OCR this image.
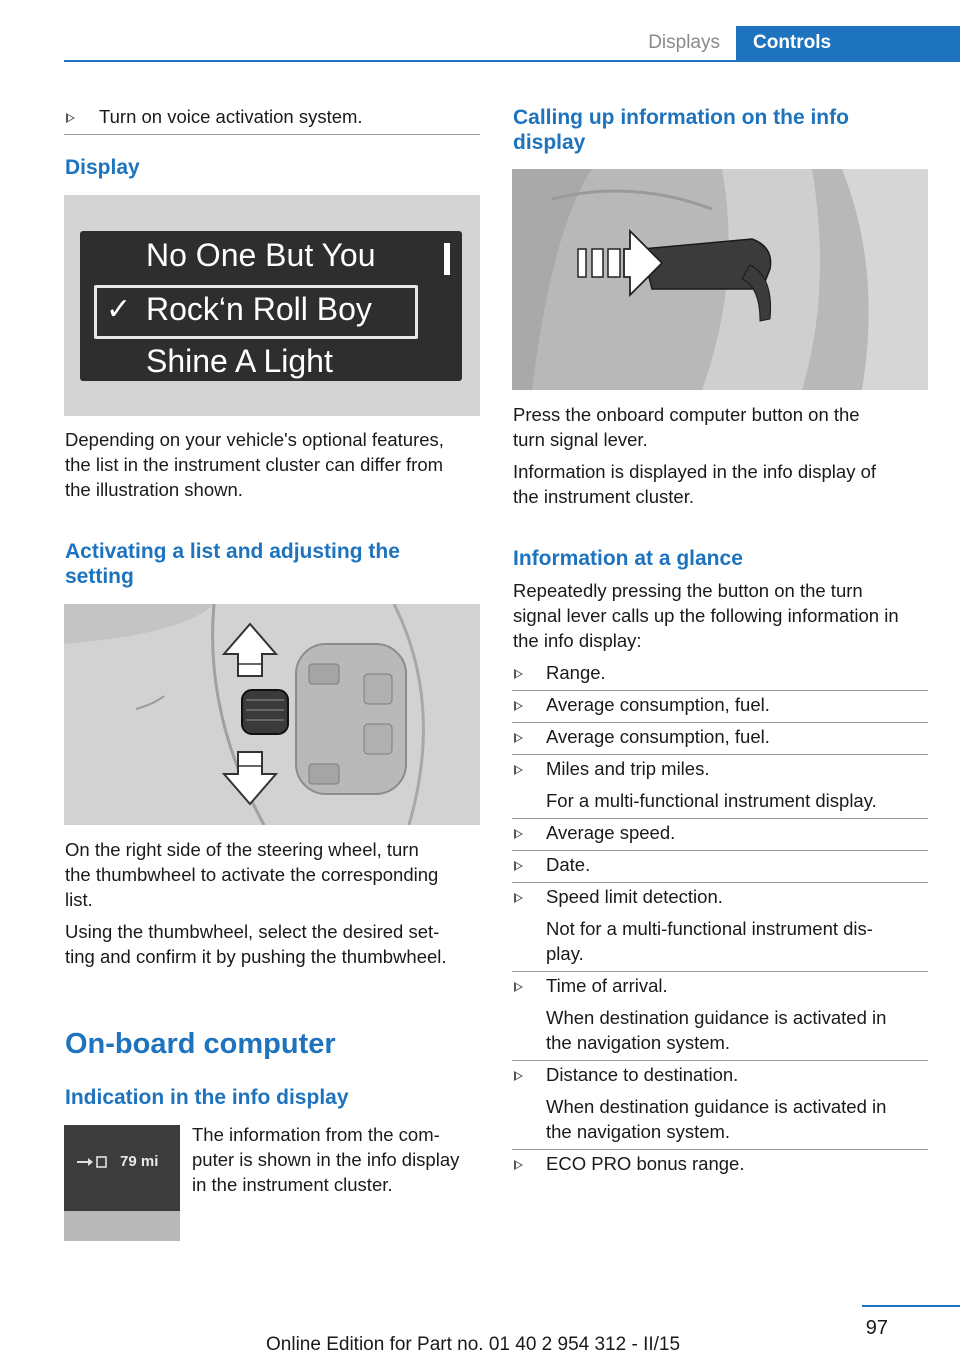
Displays	Controls
Turn on voice activation system.
Display
No One But You
✓ Rock‘n Roll Boy
Shine A Light
Depending on your vehicle's optional features,
the list in the instrument cluster can differ from
the illustration shown.
Activating a list and adjusting the
setting
On the right side of the steering wheel, turn
the thumbwheel to activate the corresponding
list.
Using the thumbwheel, select the desired set‐
ting and confirm it by pushing the thumbwheel.
On-board computer
Indication in the info display
79 mi
The information from the com‐
puter is shown in the info display
in the instrument cluster.
Calling up information on the info
display
Press the onboard computer button on the
turn signal lever.
Information is displayed in the info display of
the instrument cluster.
Information at a glance
Repeatedly pressing the button on the turn
signal lever calls up the following information in
the info display:
Range.
Average consumption, fuel.
Average consumption, fuel.
Miles and trip miles.
For a multi-functional instrument display.
Average speed.
Date.
Speed limit detection.
Not for a multi-functional instrument dis‐
play.
Time of arrival.
When destination guidance is activated in
the navigation system.
Distance to destination.
When destination guidance is activated in
the navigation system.
ECO PRO bonus range.
97
Online Edition for Part no. 01 40 2 954 312 - II/15
